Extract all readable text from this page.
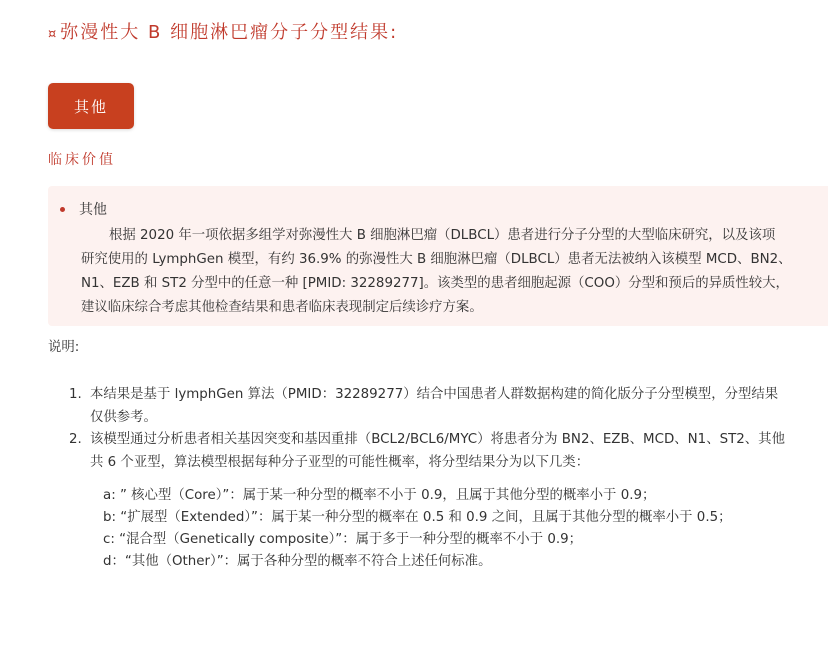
¤ 弥漫性大 B 细胞淋巴瘤分子分型结果:
其他
临床价值
其他
根据 2020 年一项依据多组学对弥漫性大 B 细胞淋巴瘤（DLBCL）患者进行分子分型的大型临床研究，以及该项
研究使用的 LymphGen 模型，有约 36.9% 的弥漫性大 B 细胞淋巴瘤（DLBCL）患者无法被纳入该模型 MCD、BN2、
N1、EZB 和 ST2 分型中的任意一种 [PMID: 32289277]。该类型的患者细胞起源（COO）分型和预后的异质性较大，
建议临床综合考虑其他检查结果和患者临床表现制定后续诊疗方案。
说明:
1. 本结果是基于 lymphGen 算法（PMID：32289277）结合中国患者人群数据构建的简化版分子分型模型，分型结果
仅供参考。
2. 该模型通过分析患者相关基因突变和基因重排（BCL2/BCL6/MYC）将患者分为 BN2、EZB、MCD、N1、ST2、其他
共 6 个亚型，算法模型根据每种分子亚型的可能性概率，将分型结果分为以下几类：
a: ” 核心型（Core）”：属于某一种分型的概率不小于 0.9，且属于其他分型的概率小于 0.9；
b: “扩展型（Extended）”：属于某一种分型的概率在 0.5 和 0.9 之间，且属于其他分型的概率小于 0.5；
c: “混合型（Genetically composite）”：属于多于一种分型的概率不小于 0.9；
d：“其他（Other）”：属于各种分型的概率不符合上述任何标准。
